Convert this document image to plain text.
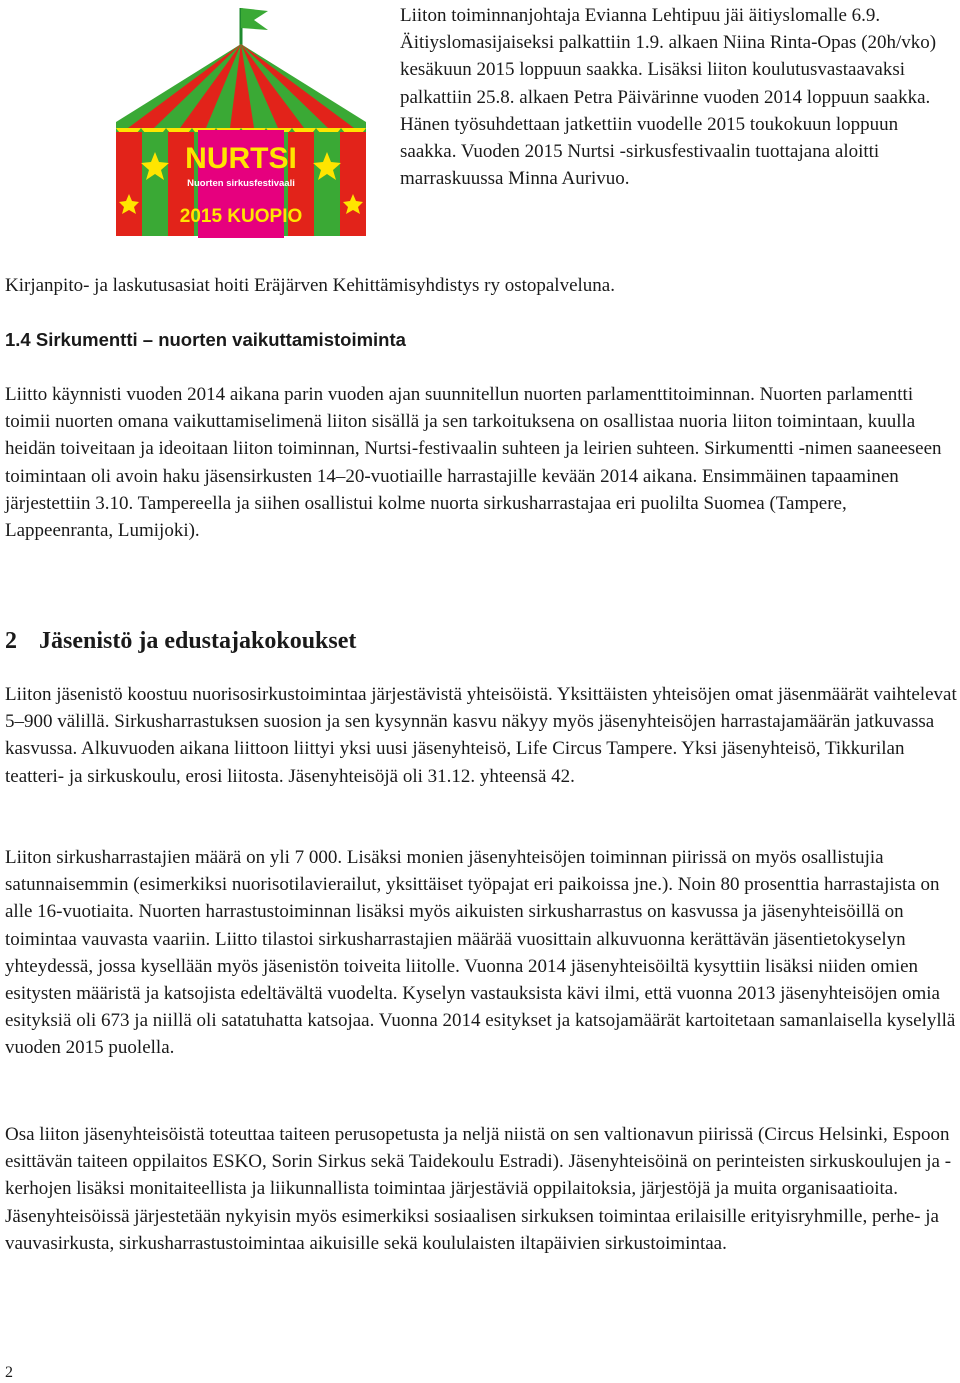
NURTSI
Nuorten sirkusfestivaali
2015 KUOPIO

Liiton toiminnanjohtaja Evianna Lehtipuu jäi äitiyslomalle 6.9. Äitiyslomasijaiseksi palkattiin 1.9. alkaen Niina Rinta-Opas (20h/vko) kesäkuun 2015 loppuun saakka. Lisäksi liiton koulutusvastaavaksi palkattiin 25.8. alkaen Petra Päivärinne vuoden 2014 loppuun saakka. Hänen työsuhdettaan jatkettiin vuodelle 2015 toukokuun loppuun saakka. Vuoden 2015 Nurtsi -sirkusfestivaalin tuottajana aloitti marraskuussa Minna Aurivuo.

Kirjanpito- ja laskutusasiat hoiti Eräjärven Kehittämisyhdistys ry ostopalveluna.

1.4 Sirkumentti – nuorten vaikuttamistoiminta

Liitto käynnisti vuoden 2014 aikana parin vuoden ajan suunnitellun nuorten parlamenttitoiminnan. Nuorten parlamentti toimii nuorten omana vaikuttamiselimenä liiton sisällä ja sen tarkoituksena on osallistaa nuoria liiton toimintaan, kuulla heidän toiveitaan ja ideoitaan liiton toiminnan, Nurtsi-festivaalin suhteen ja leirien suhteen. Sirkumentti -nimen saaneeseen toimintaan oli avoin haku jäsensirkusten 14–20-vuotiaille harrastajille kevään 2014 aikana. Ensimmäinen tapaaminen järjestettiin 3.10. Tampereella ja siihen osallistui kolme nuorta sirkusharrastajaa eri puolilta Suomea (Tampere, Lappeenranta, Lumijoki).

2 Jäsenistö ja edustajakokoukset

Liiton jäsenistö koostuu nuorisosirkustoimintaa järjestävistä yhteisöistä. Yksittäisten yhteisöjen omat jäsenmäärät vaihtelevat 5–900 välillä. Sirkusharrastuksen suosion ja sen kysynnän kasvu näkyy myös jäsenyhteisöjen harrastajamäärän jatkuvassa kasvussa. Alkuvuoden aikana liittoon liittyi yksi uusi jäsenyhteisö, Life Circus Tampere. Yksi jäsenyhteisö, Tikkurilan teatteri- ja sirkuskoulu, erosi liitosta. Jäsenyhteisöjä oli 31.12. yhteensä 42.

Liiton sirkusharrastajien määrä on yli 7 000. Lisäksi monien jäsenyhteisöjen toiminnan piirissä on myös osallistujia satunnaisemmin (esimerkiksi nuorisotilavierailut, yksittäiset työpajat eri paikoissa jne.). Noin 80 prosenttia harrastajista on alle 16-vuotiaita. Nuorten harrastustoiminnan lisäksi myös aikuisten sirkusharrastus on kasvussa ja jäsenyhteisöillä on toimintaa vauvasta vaariin. Liitto tilastoi sirkusharrastajien määrää vuosittain alkuvuonna kerättävän jäsentietokyselyn yhteydessä, jossa kysellään myös jäsenistön toiveita liitolle. Vuonna 2014 jäsenyhteisöiltä kysyttiin lisäksi niiden omien esitysten määristä ja katsojista edeltävältä vuodelta. Kyselyn vastauksista kävi ilmi, että vuonna 2013 jäsenyhteisöjen omia esityksiä oli 673 ja niillä oli satatuhatta katsojaa. Vuonna 2014 esitykset ja katsojamäärät kartoitetaan samanlaisella kyselyllä vuoden 2015 puolella.

Osa liiton jäsenyhteisöistä toteuttaa taiteen perusopetusta ja neljä niistä on sen valtionavun piirissä (Circus Helsinki, Espoon esittävän taiteen oppilaitos ESKO, Sorin Sirkus sekä Taidekoulu Estradi). Jäsenyhteisöinä on perinteisten sirkuskoulujen ja -kerhojen lisäksi monitaiteellista ja liikunnallista toimintaa järjestäviä oppilaitoksia, järjestöjä ja muita organisaatioita. Jäsenyhteisöissä järjestetään nykyisin myös esimerkiksi sosiaalisen sirkuksen toimintaa erilaisille erityisryhmille, perhe- ja vauvasirkusta, sirkusharrastustoimintaa aikuisille sekä koululaisten iltapäivien sirkustoimintaa.

2
